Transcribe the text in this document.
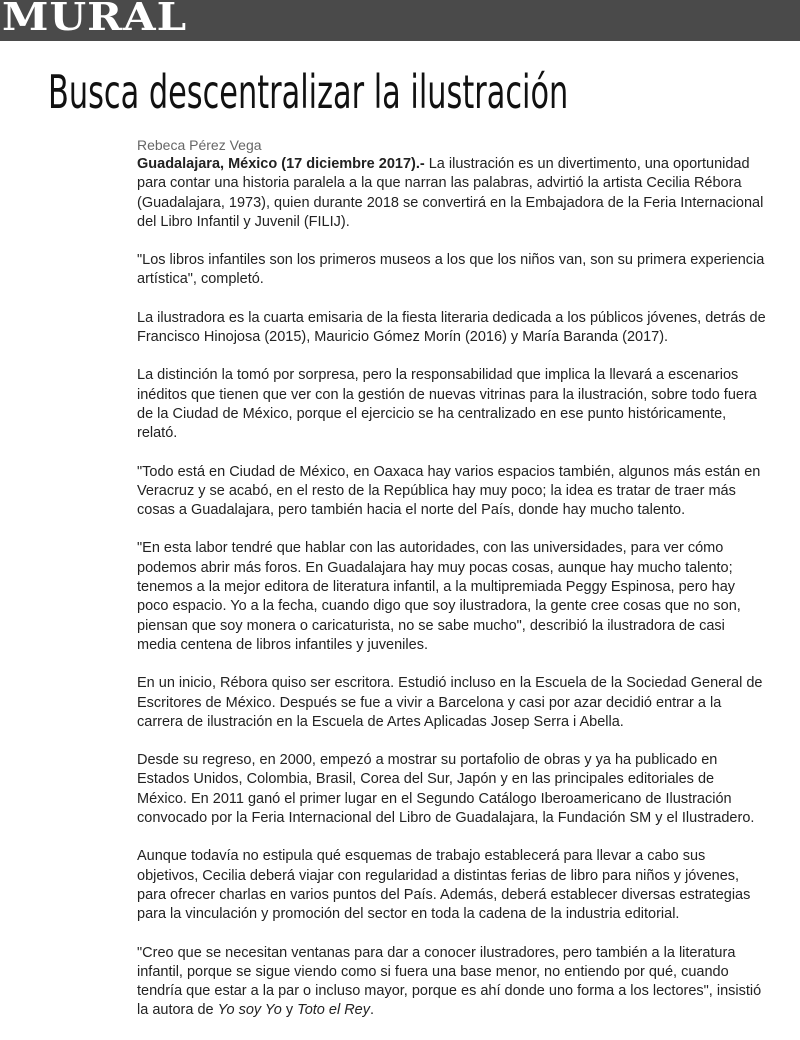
MURAL
Busca descentralizar la ilustración
Rebeca Pérez Vega

Guadalajara, México (17 diciembre 2017).- La ilustración es un divertimento, una oportunidad para contar una historia paralela a la que narran las palabras, advirtió la artista Cecilia Rébora (Guadalajara, 1973), quien durante 2018 se convertirá en la Embajadora de la Feria Internacional del Libro Infantil y Juvenil (FILIJ).

"Los libros infantiles son los primeros museos a los que los niños van, son su primera experiencia artística", completó.

La ilustradora es la cuarta emisaria de la fiesta literaria dedicada a los públicos jóvenes, detrás de Francisco Hinojosa (2015), Mauricio Gómez Morín (2016) y María Baranda (2017).

La distinción la tomó por sorpresa, pero la responsabilidad que implica la llevará a escenarios inéditos que tienen que ver con la gestión de nuevas vitrinas para la ilustración, sobre todo fuera de la Ciudad de México, porque el ejercicio se ha centralizado en ese punto históricamente, relató.

"Todo está en Ciudad de México, en Oaxaca hay varios espacios también, algunos más están en Veracruz y se acabó, en el resto de la República hay muy poco; la idea es tratar de traer más cosas a Guadalajara, pero también hacia el norte del País, donde hay mucho talento.

"En esta labor tendré que hablar con las autoridades, con las universidades, para ver cómo podemos abrir más foros. En Guadalajara hay muy pocas cosas, aunque hay mucho talento; tenemos a la mejor editora de literatura infantil, a la multipremiada Peggy Espinosa, pero hay poco espacio. Yo a la fecha, cuando digo que soy ilustradora, la gente cree cosas que no son, piensan que soy monera o caricaturista, no se sabe mucho", describió la ilustradora de casi media centena de libros infantiles y juveniles.

En un inicio, Rébora quiso ser escritora. Estudió incluso en la Escuela de la Sociedad General de Escritores de México. Después se fue a vivir a Barcelona y casi por azar decidió entrar a la carrera de ilustración en la Escuela de Artes Aplicadas Josep Serra i Abella.

Desde su regreso, en 2000, empezó a mostrar su portafolio de obras y ya ha publicado en Estados Unidos, Colombia, Brasil, Corea del Sur, Japón y en las principales editoriales de México. En 2011 ganó el primer lugar en el Segundo Catálogo Iberoamericano de Ilustración convocado por la Feria Internacional del Libro de Guadalajara, la Fundación SM y el Ilustradero.

Aunque todavía no estipula qué esquemas de trabajo establecerá para llevar a cabo sus objetivos, Cecilia deberá viajar con regularidad a distintas ferias de libro para niños y jóvenes, para ofrecer charlas en varios puntos del País. Además, deberá establecer diversas estrategias para la vinculación y promoción del sector en toda la cadena de la industria editorial.

"Creo que se necesitan ventanas para dar a conocer ilustradores, pero también a la literatura infantil, porque se sigue viendo como si fuera una base menor, no entiendo por qué, cuando tendría que estar a la par o incluso mayor, porque es ahí donde uno forma a los lectores", insistió la autora de Yo soy Yo y Toto el Rey.
